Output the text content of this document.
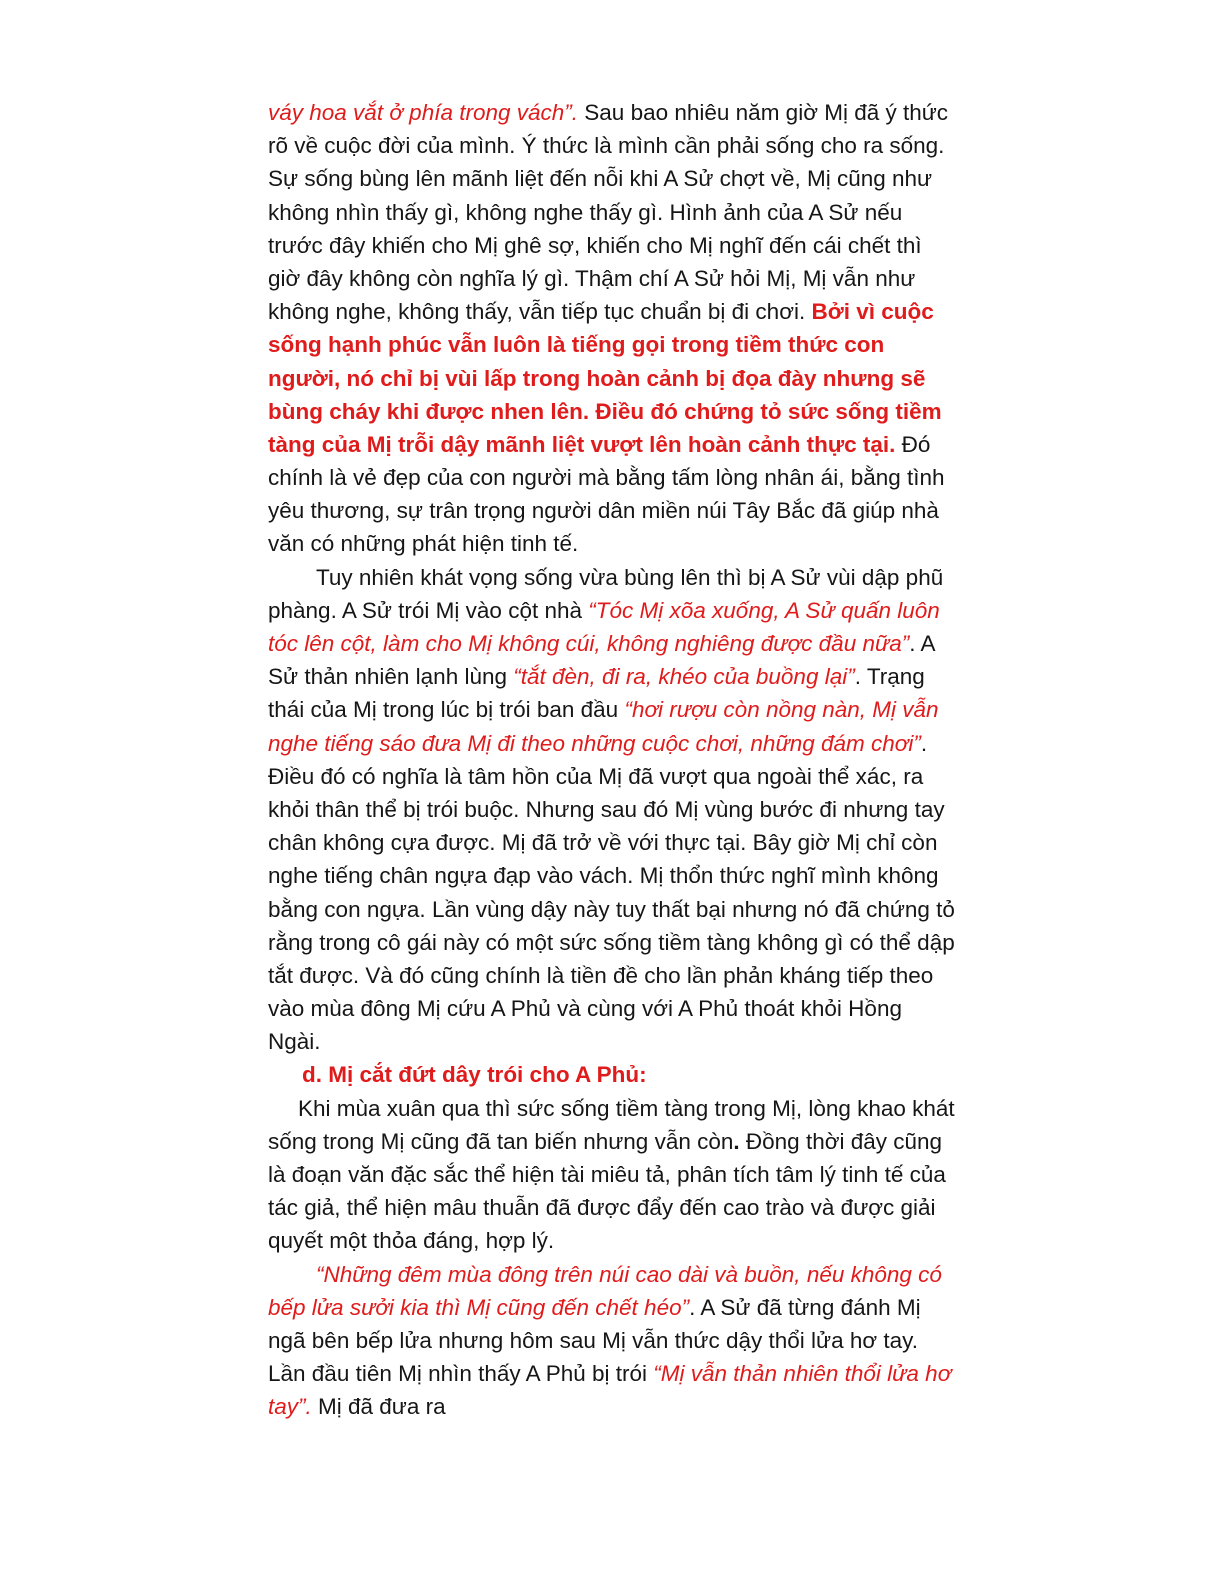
váy hoa vắt ở phía trong vách”. Sau bao nhiêu năm giờ Mị đã ý thức rõ về cuộc đời của mình. Ý thức là mình cần phải sống cho ra sống. Sự sống bùng lên mãnh liệt đến nỗi khi A Sử chợt về, Mị cũng như không nhìn thấy gì, không nghe thấy gì. Hình ảnh của A Sử nếu trước đây khiến cho Mị ghê sợ, khiến cho Mị nghĩ đến cái chết thì giờ đây không còn nghĩa lý gì. Thậm chí A Sử hỏi Mị, Mị vẫn như không nghe, không thấy, vẫn tiếp tục chuẩn bị đi chơi. Bởi vì cuộc sống hạnh phúc vẫn luôn là tiếng gọi trong tiềm thức con người, nó chỉ bị vùi lấp trong hoàn cảnh bị đọa đày nhưng sẽ bùng cháy khi được nhen lên. Điều đó chứng tỏ sức sống tiềm tàng của Mị trỗi dậy mãnh liệt vượt lên hoàn cảnh thực tại. Đó chính là vẻ đẹp của con người mà bằng tấm lòng nhân ái, bằng tình yêu thương, sự trân trọng người dân miền núi Tây Bắc đã giúp nhà văn có những phát hiện tinh tế.

Tuy nhiên khát vọng sống vừa bùng lên thì bị A Sử vùi dập phũ phàng. A Sử trói Mị vào cột nhà “Tóc Mị xõa xuống, A Sử quấn luôn tóc lên cột, làm cho Mị không cúi, không nghiêng được đầu nữa”. A Sử thản nhiên lạnh lùng “tắt đèn, đi ra, khéo của buồng lại”. Trạng thái của Mị trong lúc bị trói ban đầu “hơi rượu còn nồng nàn, Mị vẫn nghe tiếng sáo đưa Mị đi theo những cuộc chơi, những đám chơi”. Điều đó có nghĩa là tâm hồn của Mị đã vượt qua ngoài thể xác, ra khỏi thân thể bị trói buộc. Nhưng sau đó Mị vùng bước đi nhưng tay chân không cựa được. Mị đã trở về với thực tại. Bây giờ Mị chỉ còn nghe tiếng chân ngựa đạp vào vách. Mị thổn thức nghĩ mình không bằng con ngựa. Lần vùng dậy này tuy thất bại nhưng nó đã chứng tỏ rằng trong cô gái này có một sức sống tiềm tàng không gì có thể dập tắt được. Và đó cũng chính là tiền đề cho lần phản kháng tiếp theo vào mùa đông Mị cứu A Phủ và cùng với A Phủ thoát khỏi Hồng Ngài.

d. Mị cắt đứt dây trói cho A Phủ:

Khi mùa xuân qua thì sức sống tiềm tàng trong Mị, lòng khao khát sống trong Mị cũng đã tan biến nhưng vẫn còn. Đồng thời đây cũng là đoạn văn đặc sắc thể hiện tài miêu tả, phân tích tâm lý tinh tế của tác giả, thể hiện mâu thuẫn đã được đẩy đến cao trào và được giải quyết một thỏa đáng, hợp lý.

“Những đêm mùa đông trên núi cao dài và buồn, nếu không có bếp lửa sưởi kia thì Mị cũng đến chết héo”. A Sử đã từng đánh Mị ngã bên bếp lửa nhưng hôm sau Mị vẫn thức dậy thổi lửa hơ tay. Lần đầu tiên Mị nhìn thấy A Phủ bị trói “Mị vẫn thản nhiên thổi lửa hơ tay”. Mị đã đưa ra
